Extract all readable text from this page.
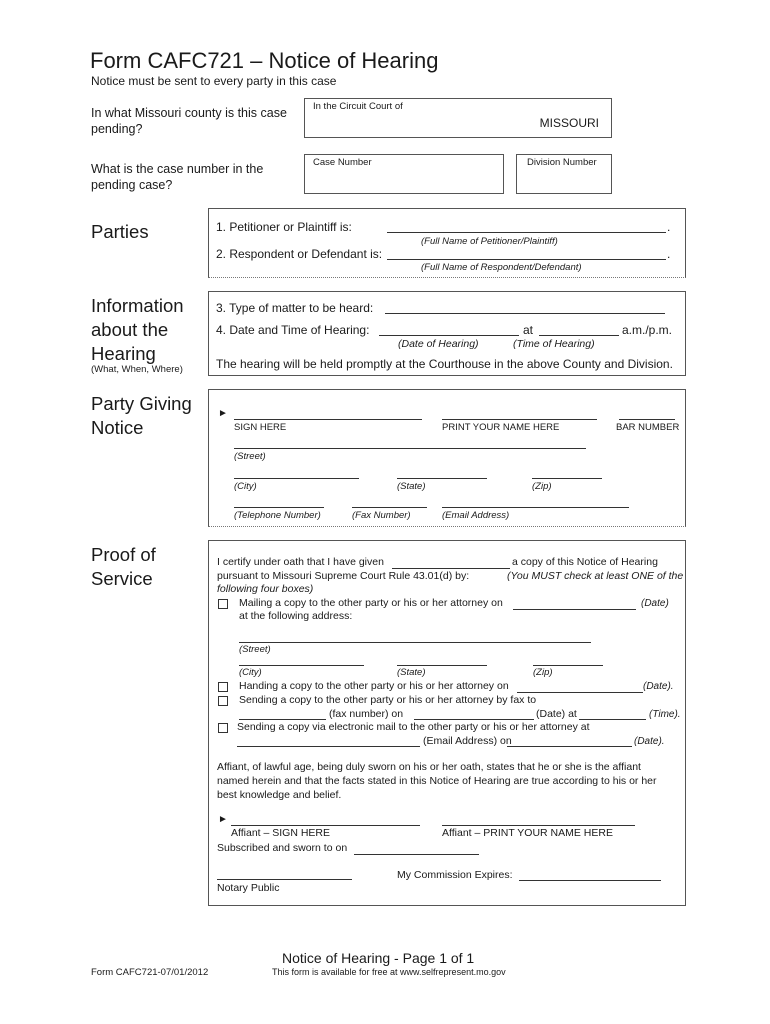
Form CAFC721 – Notice of Hearing
Notice must be sent to every party in this case
In what Missouri county is this case pending?
In the Circuit Court of
MISSOURI
What is the case number in the pending case?
Case Number	Division Number
Parties	1. Petitioner or Plaintiff is:	.
(Full Name of Petitioner/Plaintiff)
2. Respondent or Defendant is:	.
(Full Name of Respondent/Defendant)
Information about the Hearing
(What, When, Where)
3. Type of matter to be heard:
4. Date and Time of Hearing:	at	a.m./p.m.
(Date of Hearing)	(Time of Hearing)
The hearing will be held promptly at the Courthouse in the above County and Division.
Party Giving Notice
►
SIGN HERE	PRINT YOUR NAME HERE	BAR NUMBER
(Street)
(City)	(State)	(Zip)
(Telephone Number)	(Fax Number)	(Email Address)
Proof of Service
I certify under oath that I have given	a copy of this Notice of Hearing
pursuant to Missouri Supreme Court Rule 43.01(d) by:	(You MUST check at least ONE of the
following four boxes)
Mailing a copy to the other party or his or her attorney on	(Date)
at the following address:
(Street)
(City)	(State)	(Zip)
Handing a copy to the other party or his or her attorney on	(Date).
Sending a copy to the other party or his or her attorney by fax to
(fax number) on	(Date) at	(Time).
Sending a copy via electronic mail to the other party or his or her attorney at
(Email Address) on	(Date).
Affiant, of lawful age, being duly sworn on his or her oath, states that he or she is the affiant
named herein and that the facts stated in this Notice of Hearing are true according to his or her
best knowledge and belief.
►
Affiant – SIGN HERE	Affiant – PRINT YOUR NAME HERE
Subscribed and sworn to on
My Commission Expires:
Notary Public
Notice of Hearing - Page 1 of 1
This form is available for free at www.selfrepresent.mo.gov
Form CAFC721-07/01/2012
